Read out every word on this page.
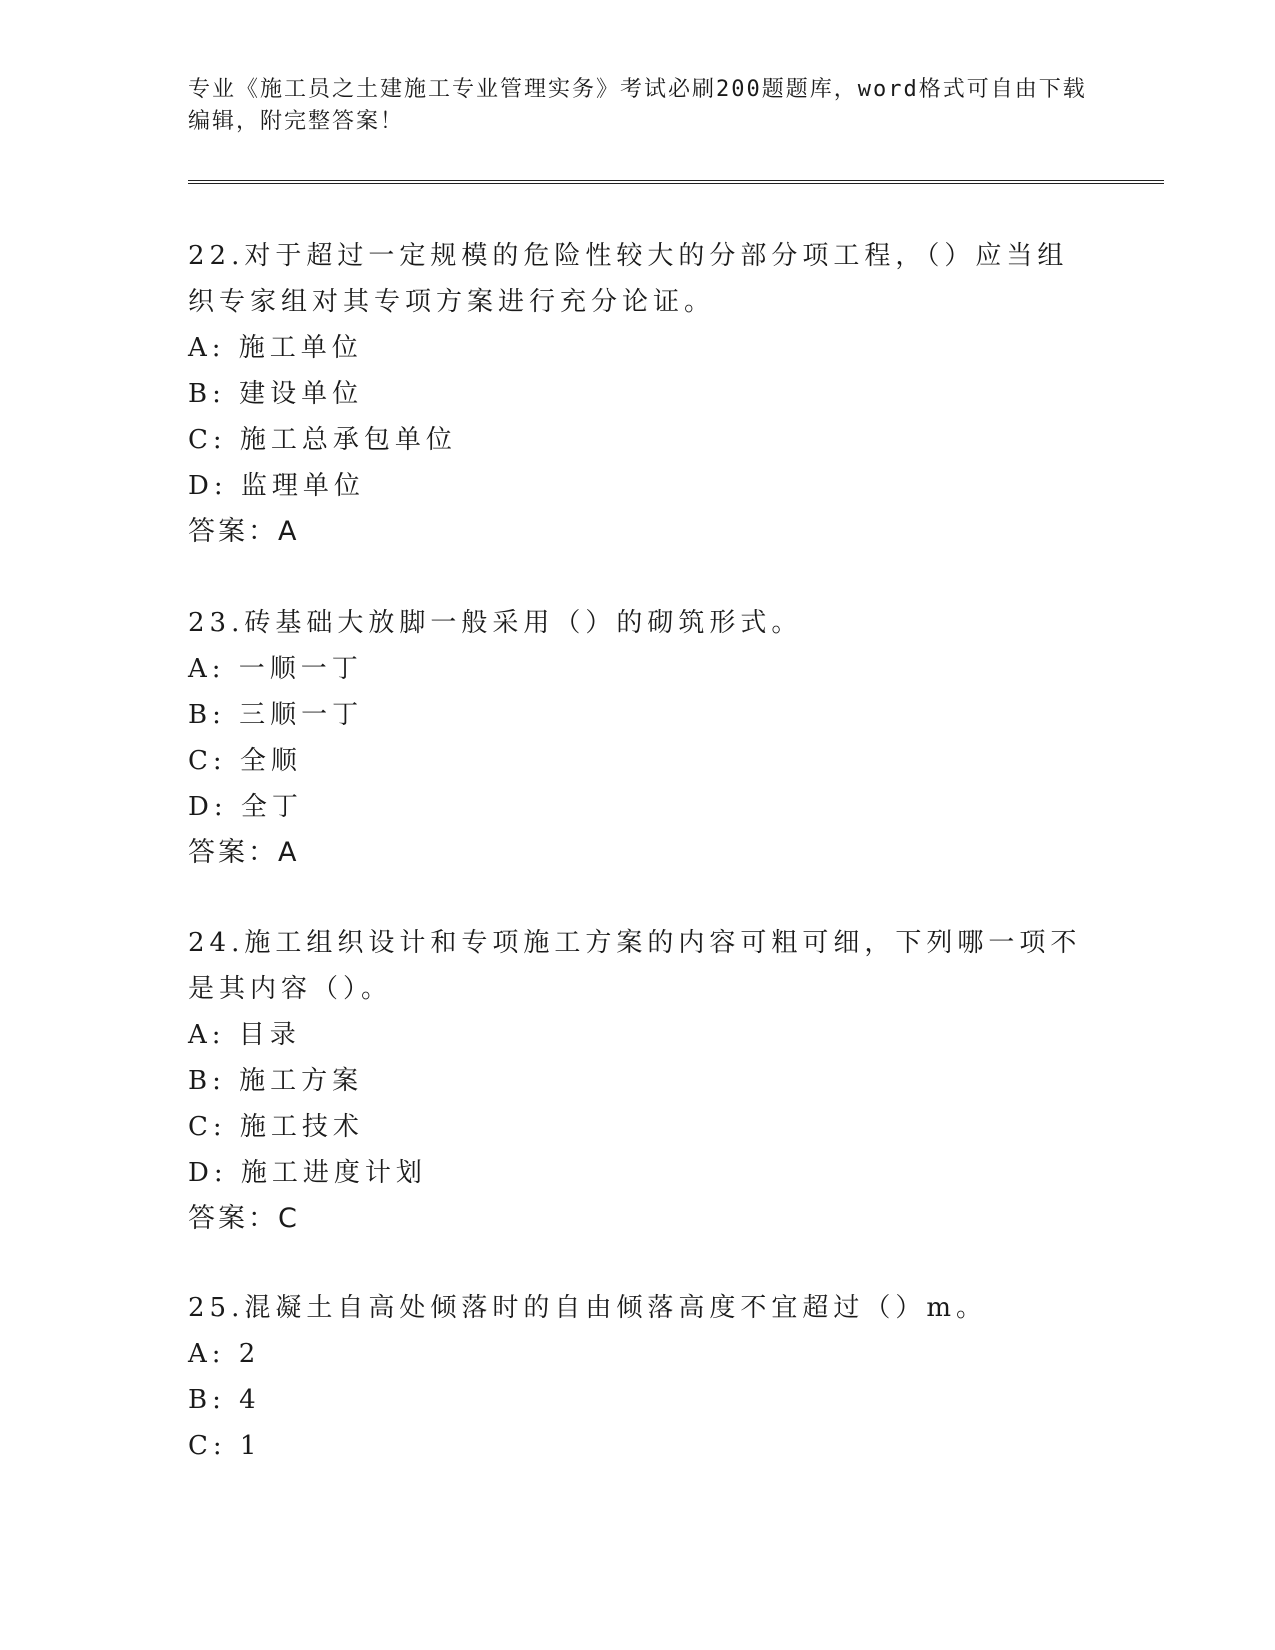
专业《施工员之土建施工专业管理实务》考试必刷200题题库，word格式可自由下载编辑，附完整答案！

22.对于超过一定规模的危险性较大的分部分项工程，（）应当组织专家组对其专项方案进行充分论证。

A: 施工单位

B: 建设单位

C: 施工总承包单位

D: 监理单位

答案：A

23.砖基础大放脚一般采用（）的砌筑形式。

A: 一顺一丁

B: 三顺一丁

C: 全顺

D: 全丁

答案：A

24.施工组织设计和专项施工方案的内容可粗可细，下列哪一项不是其内容（）。

A: 目录

B: 施工方案

C: 施工技术

D: 施工进度计划

答案：C

25.混凝土自高处倾落时的自由倾落高度不宜超过（）m。

A: 2

B: 4

C: 1
